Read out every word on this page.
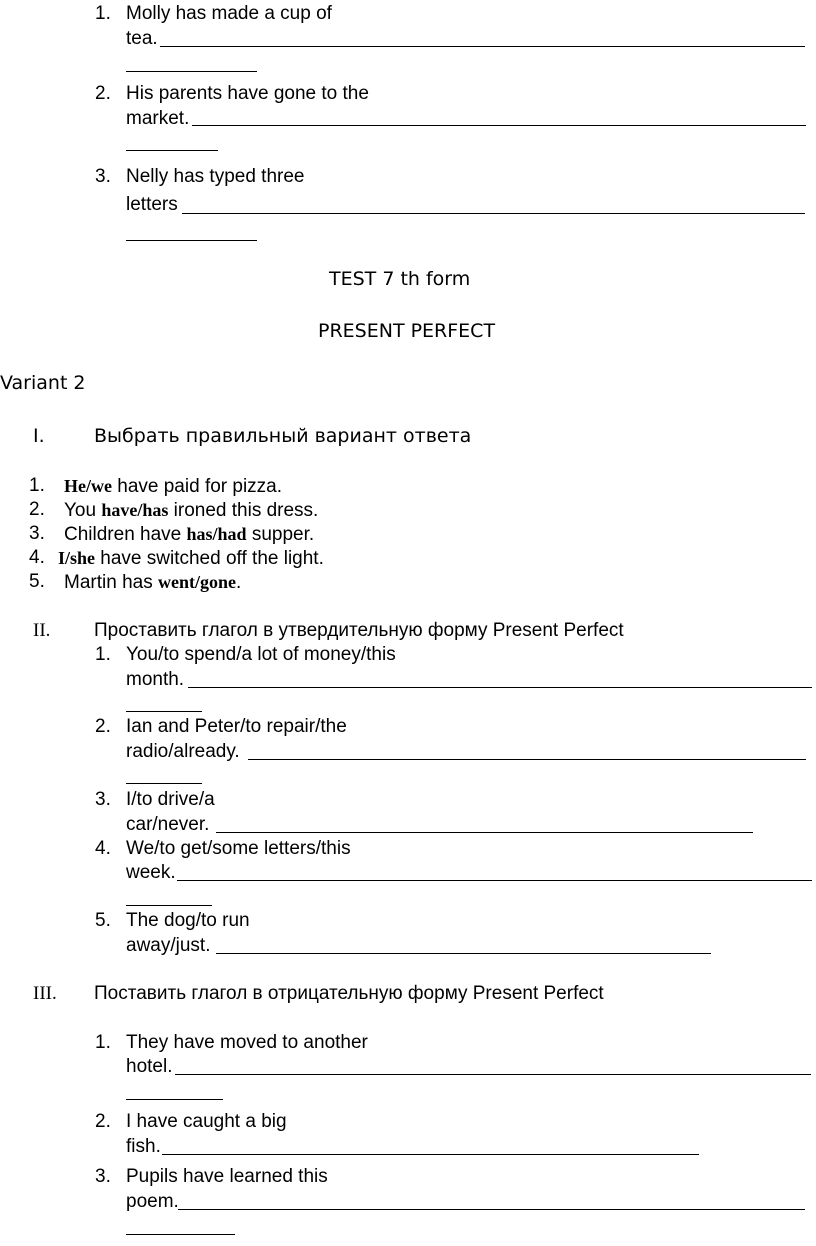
1. Molly has made a cup of
tea.
2. His parents have gone to the
market.
3. Nelly has typed three
letters
TEST 7 th form
PRESENT PERFECT
Variant 2
I.	Выбрать правильный вариант ответа
1. He/we have paid for pizza.
2. You have/has ironed this dress.
3. Children have has/had supper.
4. I/she have switched off the light.
5. Martin has went/gone.
II. Проставить глагол в утвердительную форму Present Perfect
1. You/to spend/a lot of money/this
month.
2. Ian and Peter/to repair/the
radio/already.
3. I/to drive/a
car/never.
4. We/to get/some letters/this
week.
5. The dog/to run
away/just.
III. Поставить глагол в отрицательную форму Present Perfect
1. They have moved to another
hotel.
2. I have caught a big
fish.
3. Pupils have learned this
poem.
